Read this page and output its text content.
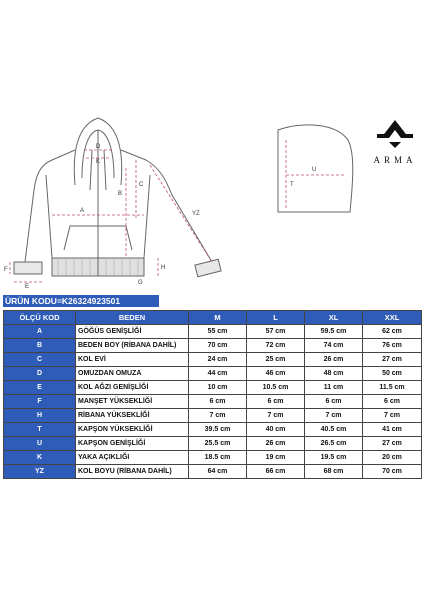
D
K
A
B
C
YZ
F
E
H
G
U
T
ARMA
ÜRÜN KODU=K26324923501
ÖLÇÜ KOD	BEDEN	M	L	XL	XXL
A	GÖĞÜS GENİŞLİĞİ	55 cm	57 cm	59.5 cm	62 cm
B	BEDEN BOY (RİBANA DAHİL)	70 cm	72 cm	74 cm	76 cm
C	KOL EVİ	24 cm	25 cm	26 cm	27 cm
D	OMUZDAN OMUZA	44 cm	46 cm	48 cm	50 cm
E	KOL AĞZI GENİŞLİĞİ	10 cm	10.5 cm	11 cm	11.5 cm
F	MANŞET YÜKSEKLİĞİ	6 cm	6 cm	6 cm	6 cm
H	RİBANA YÜKSEKLİĞİ	7 cm	7 cm	7 cm	7 cm
T	KAPŞON YÜKSEKLİĞİ	39.5 cm	40 cm	40.5 cm	41 cm
U	KAPŞON GENİŞLİĞİ	25.5 cm	26 cm	26.5 cm	27 cm
K	YAKA AÇIKLIĞI	18.5 cm	19 cm	19.5 cm	20 cm
YZ	KOL BOYU (RİBANA DAHİL)	64 cm	66 cm	68 cm	70 cm
